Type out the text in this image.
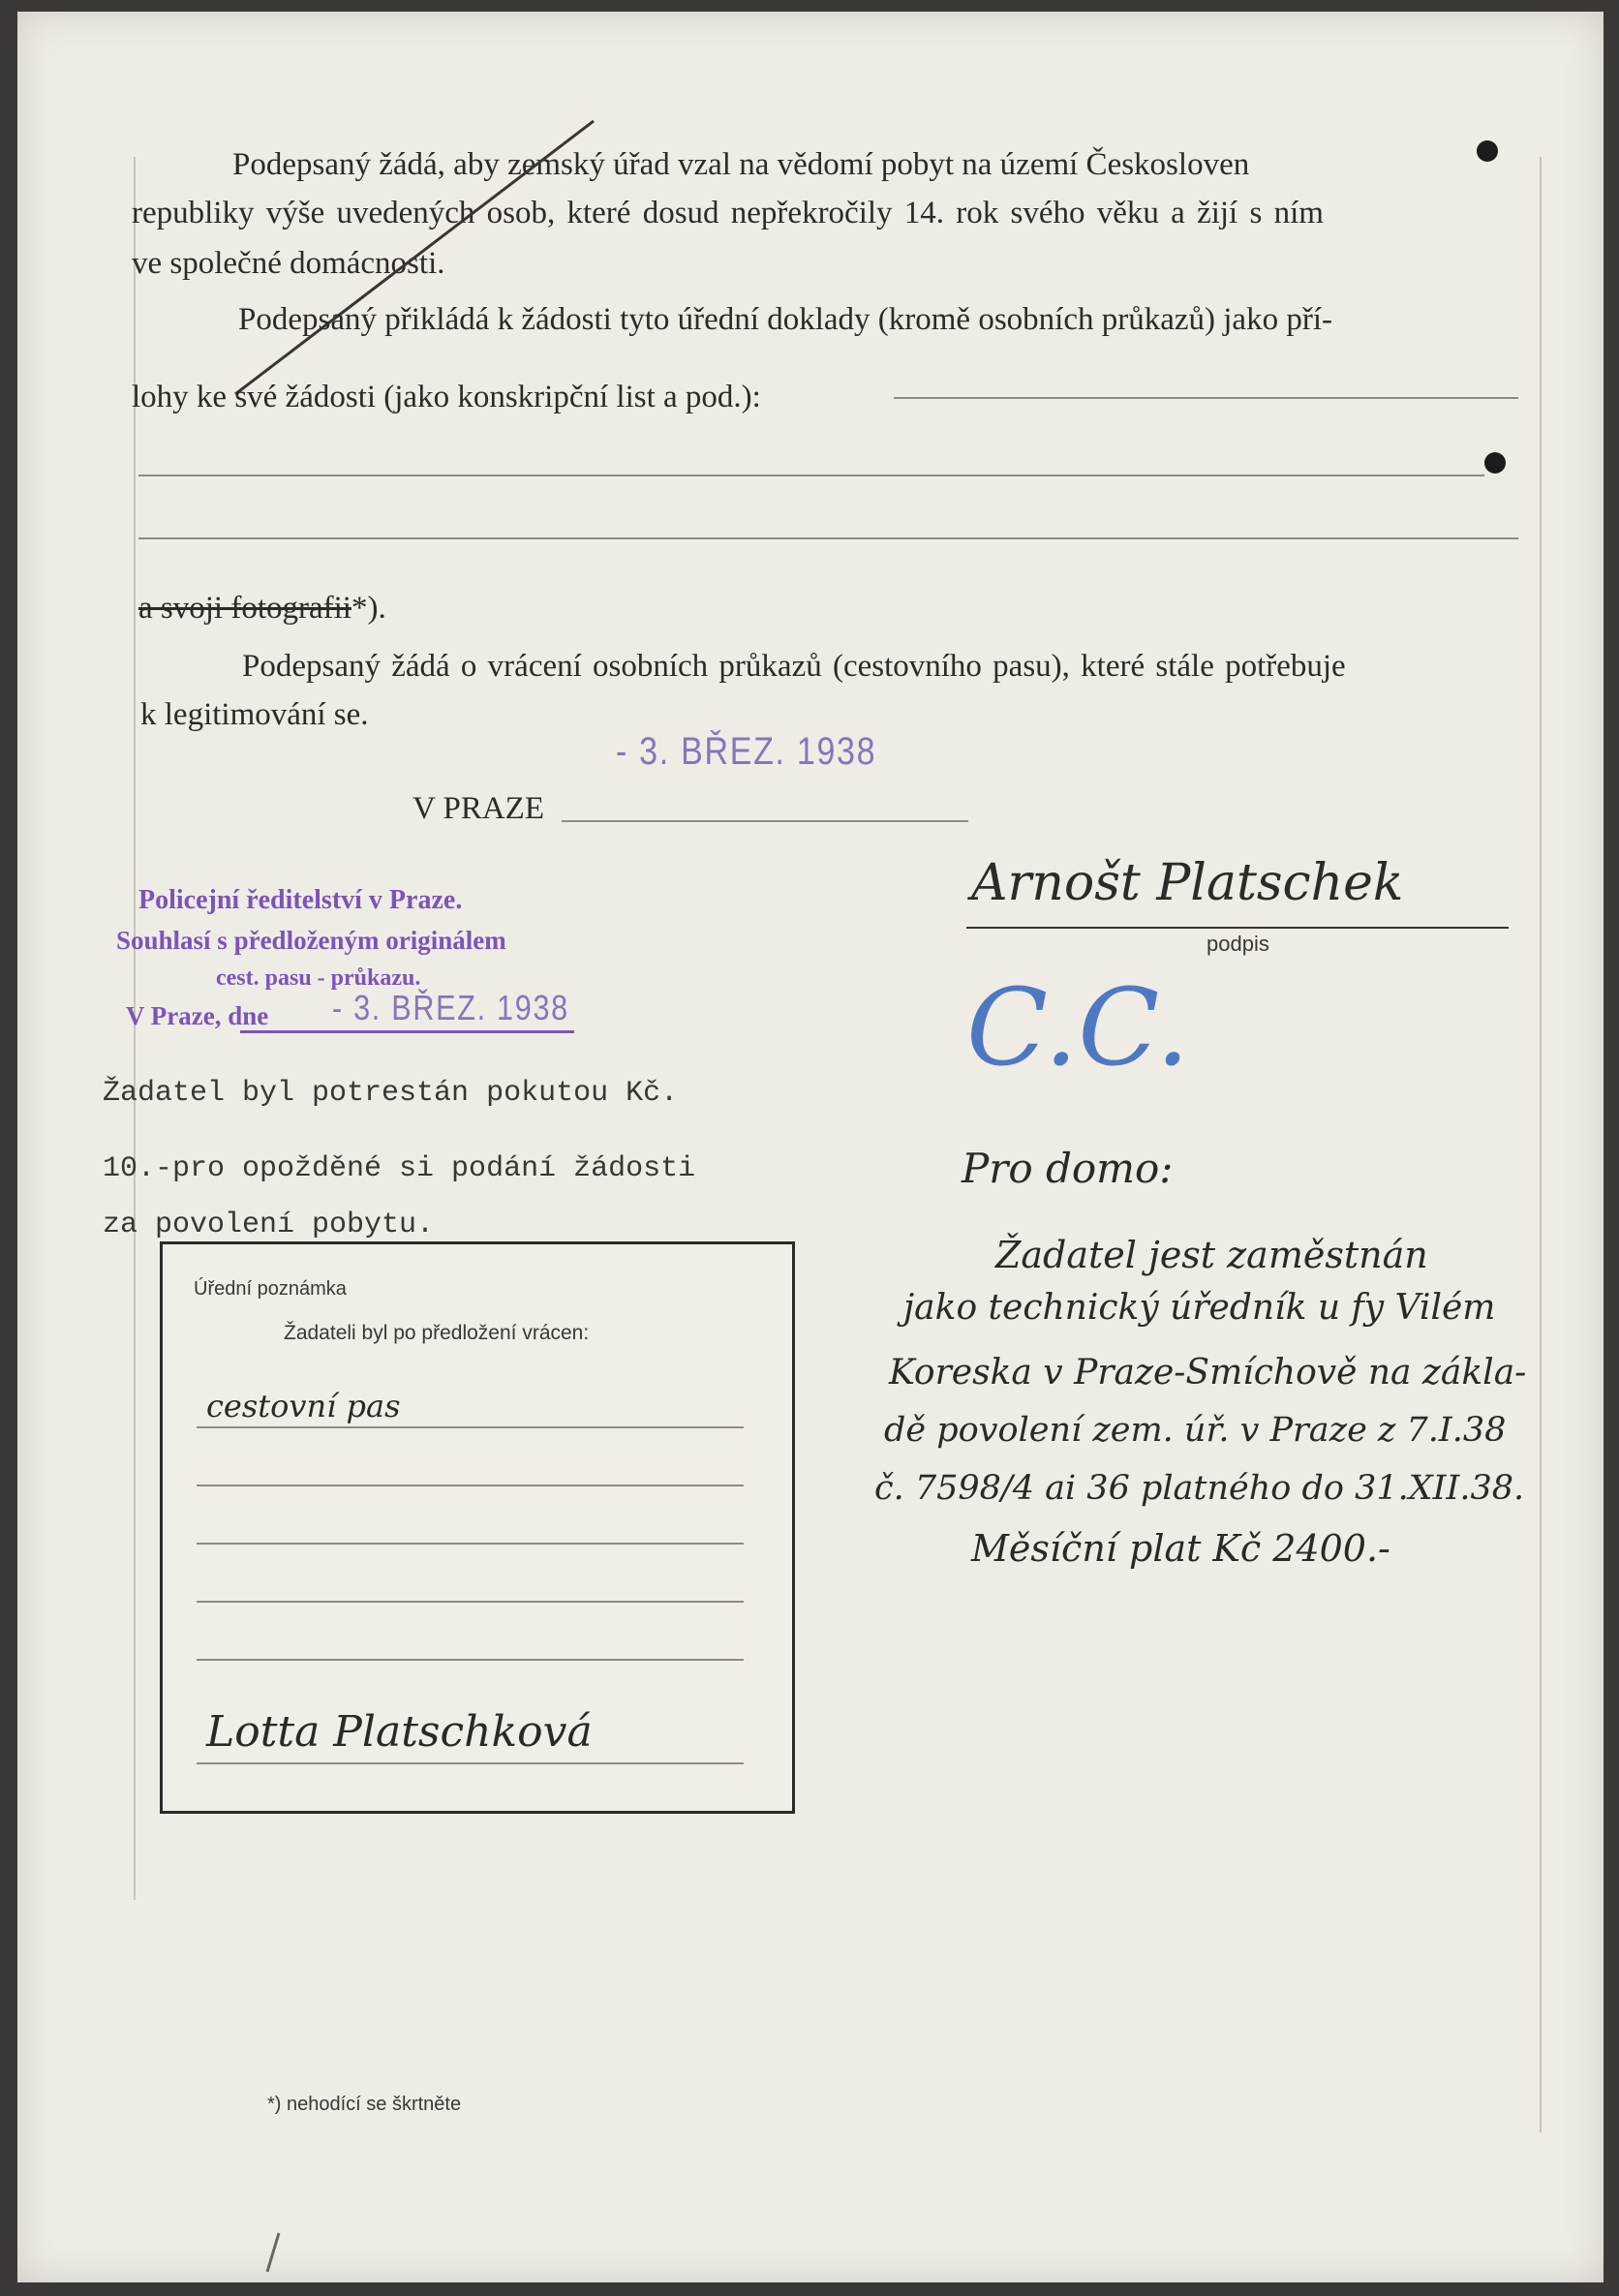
Podepsaný žádá, aby zemský úřad vzal na vědomí pobyt na území Českosloven
republiky výše uvedených osob, které dosud nepřekročily 14. rok svého věku a žijí s ním
ve společné domácnosti.
Podepsaný přikládá k žádosti tyto úřední doklady (kromě osobních průkazů) jako pří-
lohy ke své žádosti (jako konskripční list a pod.):
a svoji fotografii*).
Podepsaný žádá o vrácení osobních průkazů (cestovního pasu), které stále potřebuje
k legitimování se.
- 3. BŘEZ. 1938
V PRAZE
Arnošt Platschek
podpis
Policejní ředitelství v Praze.
Souhlasí s předloženým originálem
cest. pasu - průkazu.
V Praze, dne - 3. BŘEZ. 1938	C.C.
Žadatel byl potrestán pokutou Kč.
10.-pro opožděné si podání žádosti
za povolení pobytu.
Úřední poznámka
Žadateli byl po předložení vrácen:
cestovní pas
Lotta Platschková
Pro domo:
Žadatel jest zaměstnán
jako technický úředník u fy Vilém
Koreska v Praze-Smíchově na zákla-
dě povolení zem. úř. v Praze z 7.I.38
č. 7598/4 ai 36 platného do 31.XII.38.
Měsíční plat Kč 2400.-
*) nehodící se škrtněte
